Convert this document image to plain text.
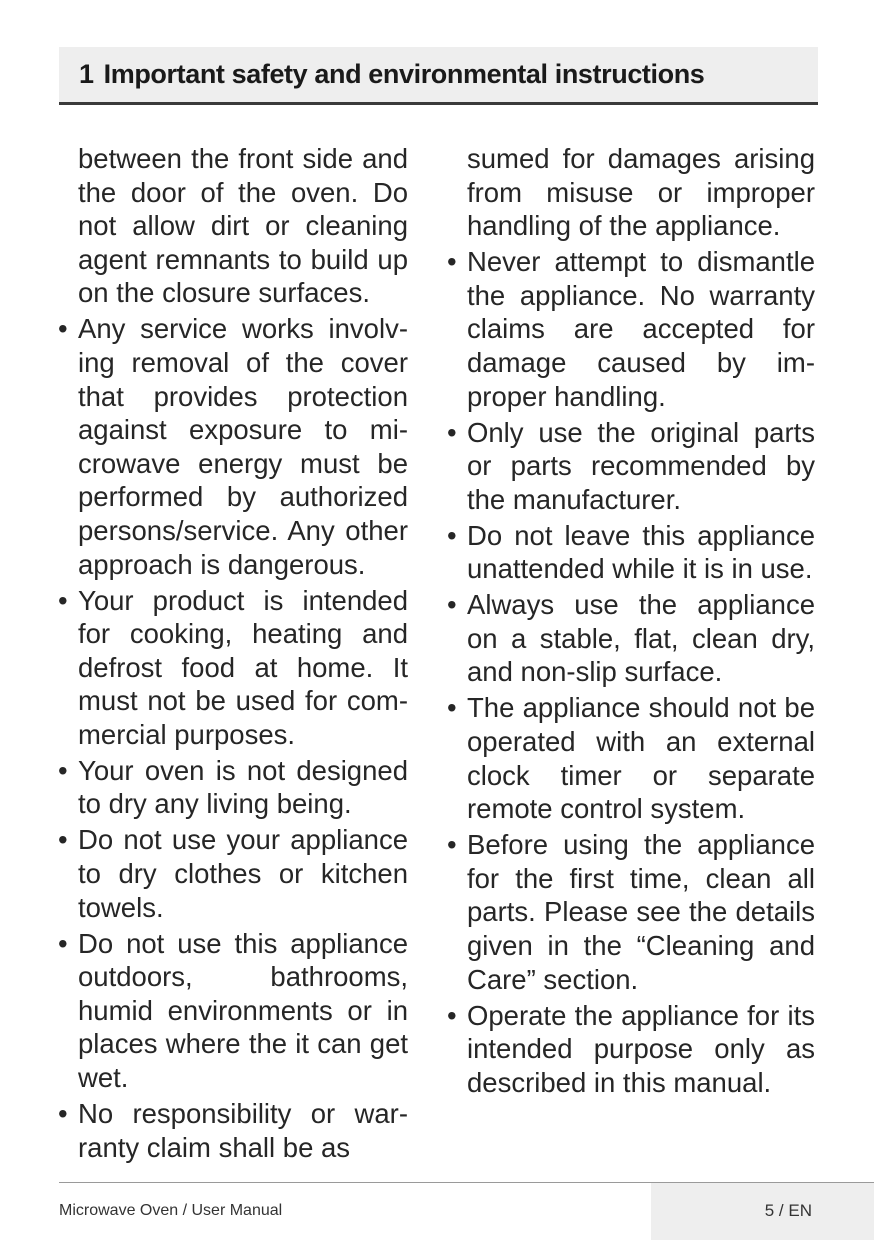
1 Important safety and environmental instructions

between the front side and the door of the oven. Do not allow dirt or cleaning agent remnants to build up on the closure surfaces.

• Any service works involving removal of the cover that provides protection against exposure to microwave energy must be performed by authorized persons/service. Any other approach is dangerous.

• Your product is intended for cooking, heating and defrost food at home. It must not be used for commercial purposes.

• Your oven is not designed to dry any living being.

• Do not use your appliance to dry clothes or kitchen towels.

• Do not use this appliance outdoors, bathrooms, humid environments or in places where the it can get wet.

• No responsibility or warranty claim shall be as

sumed for damages arising from misuse or improper handling of the appliance.

• Never attempt to dismantle the appliance. No warranty claims are accepted for damage caused by improper handling.

• Only use the original parts or parts recommended by the manufacturer.

• Do not leave this appliance unattended while it is in use.

• Always use the appliance on a stable, flat, clean dry, and non-slip surface.

• The appliance should not be operated with an external clock timer or separate remote control system.

• Before using the appliance for the first time, clean all parts. Please see the details given in the “Cleaning and Care” section.

• Operate the appliance for its intended purpose only as described in this manual.

Microwave Oven / User Manual	5 / EN
